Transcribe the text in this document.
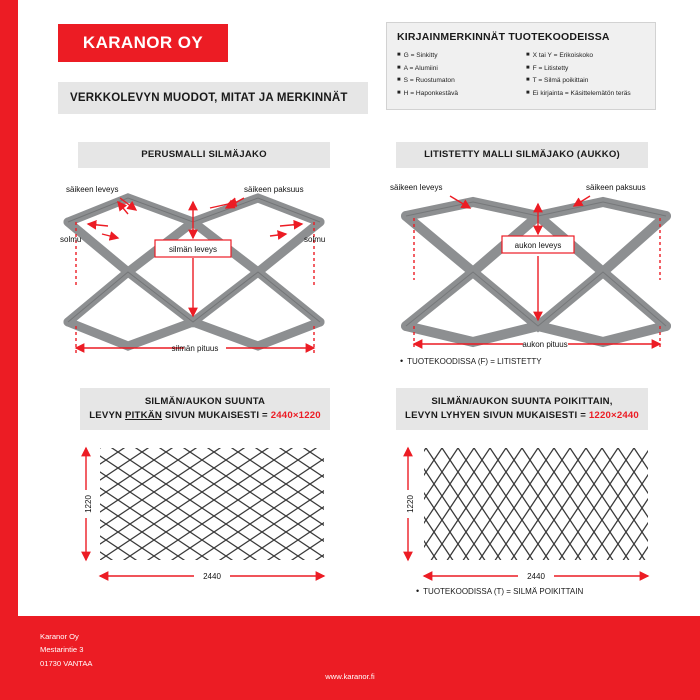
KARANOR OY
VERKKOLEVYN MUODOT, MITAT JA MERKINNÄT
KIRJAINMERKINNÄT TUOTEKOODEISSA
■ G = Sinkitty
■ A = Alumiini
■ S = Ruostumaton
■ H = Haponkestävä
■ X tai Y = Erikoiskoko
■ F = Litistetty
■ T = Silmä poikittain
■ Ei kirjainta = Käsittelemätön teräs
PERUSMALLI SILMÄJAKO	LITISTETTY MALLI SILMÄJAKO (AUKKO)
SILMÄN/AUKON SUUNTA
LEVYN PITKÄN SIVUN MUKAISESTI = 2440×1220
SILMÄN/AUKON SUUNTA POIKITTAIN,
LEVYN LYHYEN SIVUN MUKAISESTI = 1220×2440
säikeen leveys	säikeen paksuus
solmu	solmu
silmän leveys
silmän pituus
säikeen leveys	säikeen paksuus
aukon leveys
aukon pituus
• TUOTEKOODISSA (F) = LITISTETTY
1220
2440
1220
2440
• TUOTEKOODISSA (T) = SILMÄ POIKITTAIN
Karanor Oy
Mestarintie 3
01730 VANTAA
www.karanor.fi
